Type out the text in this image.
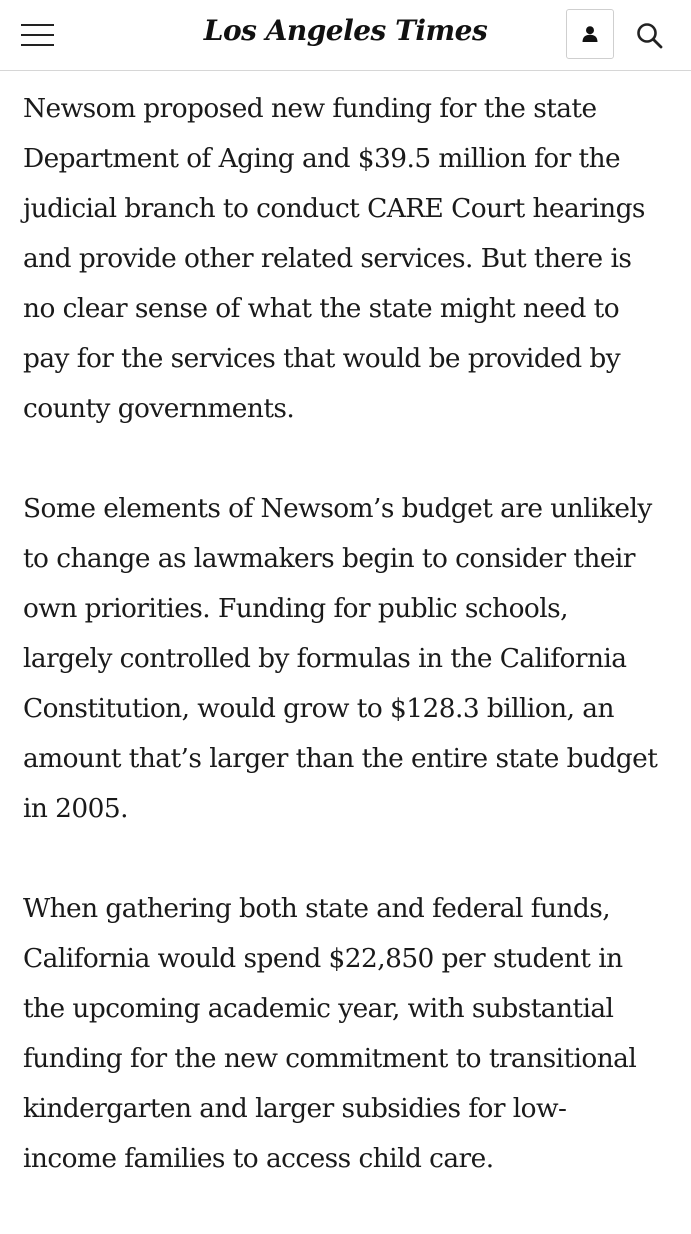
Los Angeles Times

Newsom proposed new funding for the state
Department of Aging and $39.5 million for the
judicial branch to conduct CARE Court hearings
and provide other related services. But there is
no clear sense of what the state might need to
pay for the services that would be provided by
county governments.

Some elements of Newsom’s budget are unlikely
to change as lawmakers begin to consider their
own priorities. Funding for public schools,
largely controlled by formulas in the California
Constitution, would grow to $128.3 billion, an
amount that’s larger than the entire state budget
in 2005.

When gathering both state and federal funds,
California would spend $22,850 per student in
the upcoming academic year, with substantial
funding for the new commitment to transitional
kindergarten and larger subsidies for low-
income families to access child care.
